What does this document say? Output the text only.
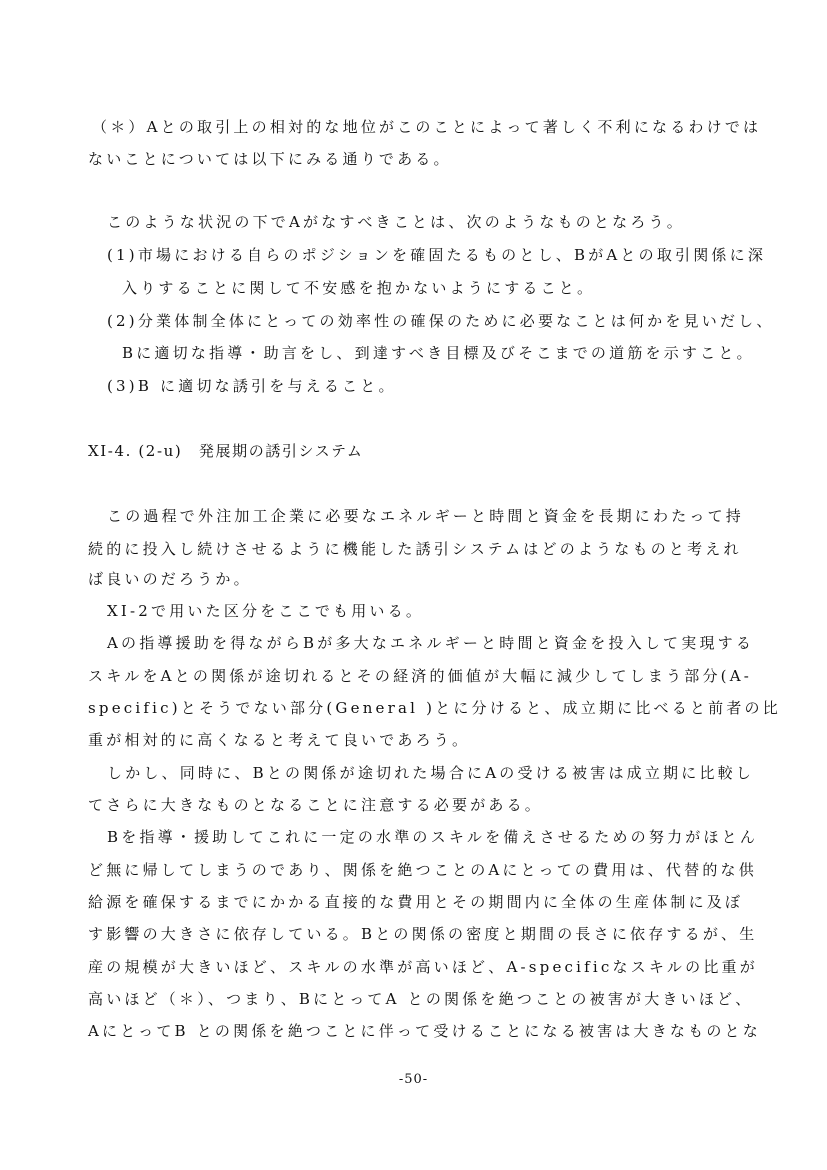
（＊）Aとの取引上の相対的な地位がこのことによって著しく不利になるわけでは
ないことについては以下にみる通りである。
このような状況の下でAがなすべきことは、次のようなものとなろう。
(1)市場における自らのポジションを確固たるものとし、BがAとの取引関係に深
入りすることに関して不安感を抱かないようにすること。
(2)分業体制全体にとっての効率性の確保のために必要なことは何かを見いだし、
Bに適切な指導・助言をし、到達すべき目標及びそこまでの道筋を示すこと。
(3)B に適切な誘引を与えること。
XI-4. (2-u)　発展期の誘引システム
この過程で外注加工企業に必要なエネルギーと時間と資金を長期にわたって持
続的に投入し続けさせるように機能した誘引システムはどのようなものと考えれ
ば良いのだろうか。
XI-2で用いた区分をここでも用いる。
Aの指導援助を得ながらBが多大なエネルギーと時間と資金を投入して実現する
スキルをAとの関係が途切れるとその経済的価値が大幅に減少してしまう部分(A-
specific)とそうでない部分(General )とに分けると、成立期に比べると前者の比
重が相対的に高くなると考えて良いであろう。
しかし、同時に、Bとの関係が途切れた場合にAの受ける被害は成立期に比較し
てさらに大きなものとなることに注意する必要がある。
Bを指導・援助してこれに一定の水準のスキルを備えさせるための努力がほとん
ど無に帰してしまうのであり、関係を絶つことのAにとっての費用は、代替的な供
給源を確保するまでにかかる直接的な費用とその期間内に全体の生産体制に及ぼ
す影響の大きさに依存している。Bとの関係の密度と期間の長さに依存するが、生
産の規模が大きいほど、スキルの水準が高いほど、A-specificなスキルの比重が
高いほど（＊）、つまり、BにとってA との関係を絶つことの被害が大きいほど、
AにとってB との関係を絶つことに伴って受けることになる被害は大きなものとな
-50-
